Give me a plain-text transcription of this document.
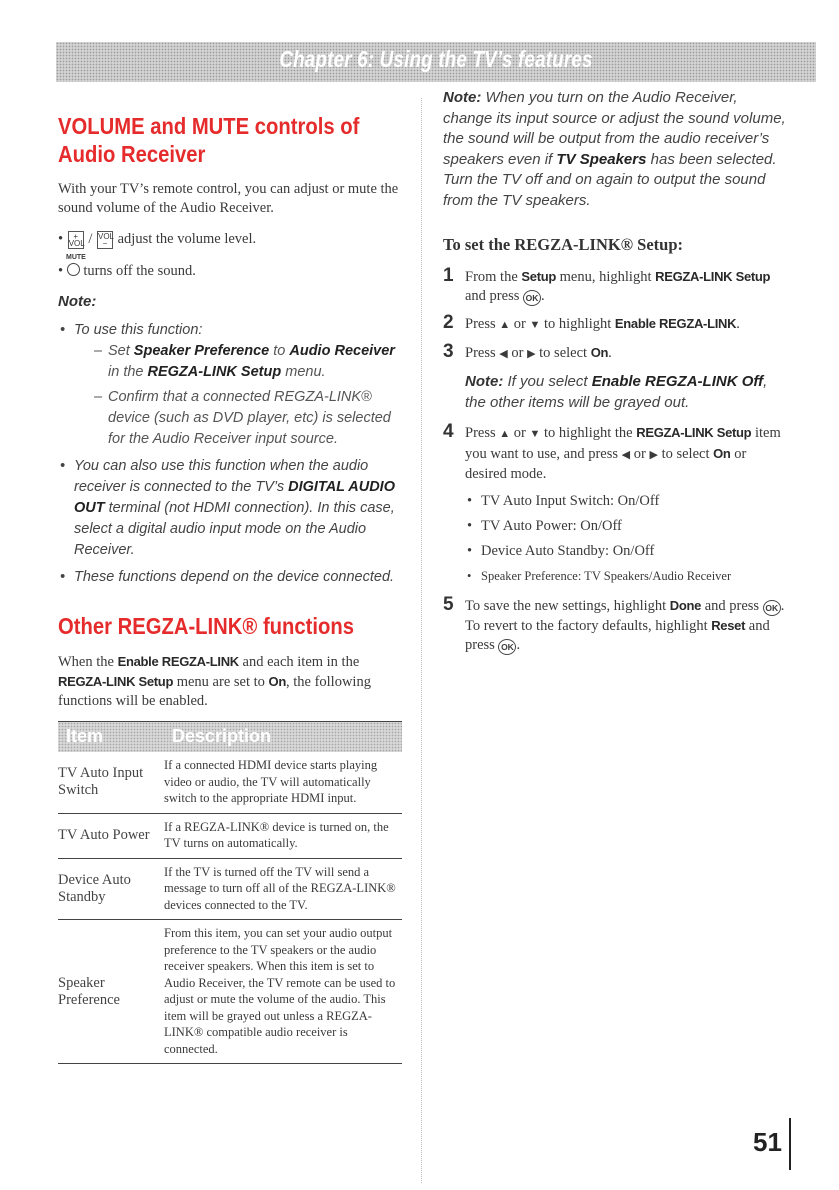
Chapter 6: Using the TV’s features
VOLUME and MUTE controls of Audio Receiver

With your TV’s remote control, you can adjust or mute the sound volume of the Audio Receiver.

• +
VOL / VOL
− adjust the volume level.
MUTE
•  turns off the sound.
Note:
• To use this function:
– Set Speaker Preference to Audio Receiver in the REGZA-LINK Setup menu.
– Confirm that a connected REGZA-LINK® device (such as DVD player, etc) is selected for the Audio Receiver input source.
• You can also use this function when the audio receiver is connected to the TV’s DIGITAL AUDIO OUT terminal (not HDMI connection). In this case, select a digital audio input mode on the Audio Receiver.
• These functions depend on the device connected.
Other REGZA-LINK® functions

When the Enable REGZA-LINK and each item in the REGZA-LINK Setup menu are set to On, the following functions will be enabled.

Item	Description
TV Auto Input Switch
If a connected HDMI device starts playing video or audio, the TV will automatically switch to the appropriate HDMI input.
TV Auto Power
If a REGZA-LINK® device is turned on, the TV turns on automatically.
Device Auto Standby
If the TV is turned off the TV will send a message to turn off all of the REGZA-LINK® devices connected to the TV.
Speaker Preference
From this item, you can set your audio output preference to the TV speakers or the audio receiver speakers. When this item is set to Audio Receiver, the TV remote can be used to adjust or mute the volume of the audio. This item will be grayed out unless a REGZA-LINK® compatible audio receiver is connected.

Note: When you turn on the Audio Receiver, change its input source or adjust the sound volume, the sound will be output from the audio receiver’s speakers even if TV Speakers has been selected. Turn the TV off and on again to output the sound from the TV speakers.

To set the REGZA-LINK® Setup:
1 From the Setup menu, highlight REGZA-LINK Setup and press OK .
2 Press ▲ or ▼ to highlight Enable REGZA-LINK.
3 Press ◀ or ▶ to select On.

Note: If you select Enable REGZA-LINK Off, the other items will be grayed out.

4 Press ▲ or ▼ to highlight the REGZA-LINK Setup item you want to use, and press ◀ or ▶ to select On or desired mode.
• TV Auto Input Switch: On/Off
• TV Auto Power: On/Off
• Device Auto Standby: On/Off
• Speaker Preference: TV Speakers/Audio Receiver
5 To save the new settings, highlight Done and press OK . To revert to the factory defaults, highlight Reset and press OK .
51
